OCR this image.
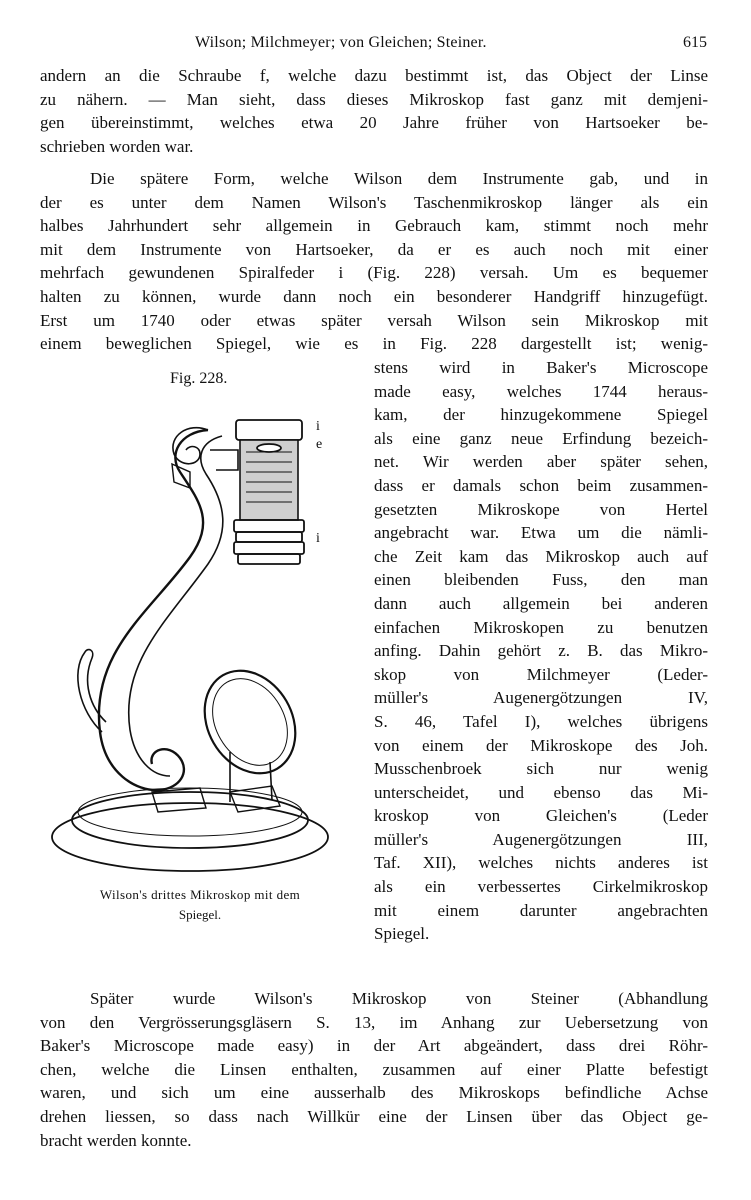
Wilson; Milchmeyer; von Gleichen; Steiner.	615
andern an die Schraube f, welche dazu bestimmt ist, das Object der Linse
zu nähern. — Man sieht, dass dieses Mikroskop fast ganz mit demjeni-
gen übereinstimmt, welches etwa 20 Jahre früher von Hartsoeker be-
schrieben worden war.
Die spätere Form, welche Wilson dem Instrumente gab, und in
der es unter dem Namen Wilson's Taschenmikroskop länger als ein
halbes Jahrhundert sehr allgemein in Gebrauch kam, stimmt noch mehr
mit dem Instrumente von Hartsoeker, da er es auch noch mit einer
mehrfach gewundenen Spiralfeder i (Fig. 228) versah. Um es bequemer
halten zu können, wurde dann noch ein besonderer Handgriff hinzugefügt.
Erst um 1740 oder etwas später versah Wilson sein Mikroskop mit
einem beweglichen Spiegel, wie es in Fig. 228 dargestellt ist; wenig-
stens wird in Baker's Microscope
made easy, welches 1744 heraus-
kam, der hinzugekommene Spiegel
als eine ganz neue Erfindung bezeich-
net. Wir werden aber später sehen,
dass er damals schon beim zusammen-
gesetzten Mikroskope von Hertel
angebracht war. Etwa um die nämli-
che Zeit kam das Mikroskop auch auf
einen bleibenden Fuss, den man
dann auch allgemein bei anderen
einfachen Mikroskopen zu benutzen
anfing. Dahin gehört z. B. das Mikro-
skop von Milchmeyer (Leder-
müller's Augenergötzungen IV,
S. 46, Tafel I), welches übrigens
von einem der Mikroskope des Joh.
Musschenbroek sich nur wenig
unterscheidet, und ebenso das Mi-
kroskop von Gleichen's (Leder
müller's Augenergötzungen III,
Taf. XII), welches nichts anderes ist
als ein verbessertes Cirkelmikroskop
mit einem darunter angebrachten
Spiegel.
Fig. 228.
i
e
i
Wilson's drittes Mikroskop mit dem
Spiegel.
Später wurde Wilson's Mikroskop von Steiner (Abhandlung
von den Vergrösserungsgläsern S. 13, im Anhang zur Uebersetzung von
Baker's Microscope made easy) in der Art abgeändert, dass drei Röhr-
chen, welche die Linsen enthalten, zusammen auf einer Platte befestigt
waren, und sich um eine ausserhalb des Mikroskops befindliche Achse
drehen liessen, so dass nach Willkür eine der Linsen über das Object ge-
bracht werden konnte.
